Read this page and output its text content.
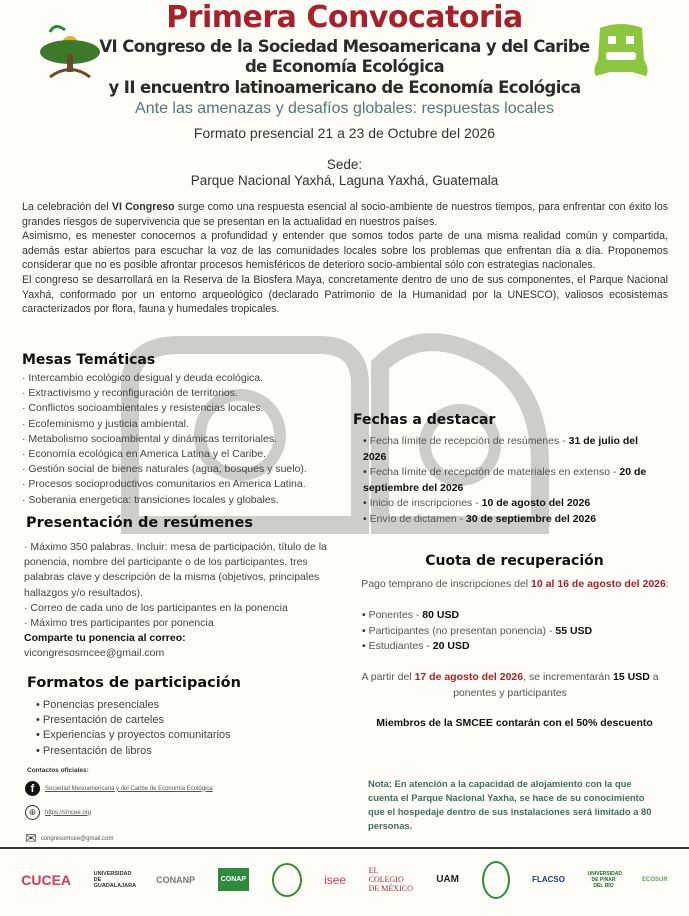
Primera Convocatoria
VI Congreso de la Sociedad Mesoamericana y del Caribe
de Economía Ecológica
y II encuentro latinoamericano de Economía Ecológica
Ante las amenazas y desafíos globales: respuestas locales
Formato presencial 21 a 23 de Octubre del 2026
Sede:
Parque Nacional Yaxhá, Laguna Yaxhá, Guatemala

La celebración del VI Congreso surge como una respuesta esencial al socio-ambiente de nuestros tiempos, para enfrentar con éxito los grandes riesgos de supervivencia que se presentan en la actualidad en nuestros países.

Asimismo, es menester conocernos a profundidad y entender que somos todos parte de una misma realidad común y compartida, además estar abiertos para escuchar la voz de las comunidades locales sobre los problemas que enfrentan día a día. Proponemos considerar que no es posible afrontar procesos hemisféricos de deterioro socio-ambiental sólo con estrategias nacionales.

El congreso se desarrollará en la Reserva de la Biosfera Maya, concretamente dentro de uno de sus componentes, el Parque Nacional Yaxhá, conformado por un entorno arqueológico (declarado Patrimonio de la Humanidad por la UNESCO), valiosos ecosistemas caracterizados por flora, fauna y humedales tropicales.

Mesas Temáticas
· Intercambio ecológico desigual y deuda ecológica.
· Extractivismo y reconfiguración de territorios.
· Conflictos socioambientales y resistencias locales.
· Ecofeminismo y justicia ambiental.
· Metabolismo socioambiental y dinámicas territoriales.
· Economía ecológica en America Latina y el Caribe.
· Gestión social de bienes naturales (agua, bosques y suelo).
· Procesos socioproductivos comunitarios en America Latina.
· Soberania energetica: transiciones locales y globales.
Presentación de resúmenes
· Máximo 350 palabras. Incluir: mesa de participación, título de la ponencia, nombre del participante o de los participantes, tres palabras clave y descripción de la misma (objetivos, principales hallazgos y/o resultados).
· Correo de cada uno de los participantes en la ponencia
· Máximo tres participantes por ponencia
Comparte tu ponencia al correo:
vicongresosmcee@gmail.com
Formatos de participación
• Ponencias presenciales
• Presentación de carteles
• Experiencias y proyectos comunitarios
• Presentación de libros
Contactos oficiales:
f	Sociedad Mesoamericana y del Caribe de Economía Ecológica
⊕	https://smcee.org
✉ congresomcee@gmail.com
Fechas a destacar
• Fecha límite de recepción de resúmenes - 31 de julio del 2026
• Fecha límite de recepción de materiales en extenso - 20 de septiembre del 2026
• Inicio de inscripciones - 10 de agosto del 2026
• Envío de dictamen - 30 de septiembre del 2026
Cuota de recuperación
Pago temprano de inscripciones del 10 al 16 de agosto del 2026:
• Ponentes - 80 USD
• Participantes (no presentan ponencia) - 55 USD
• Estudiantes - 20 USD
A partir del 17 de agosto del 2026, se incrementarán 15 USD a ponentes y participantes
Miembros de la SMCEE contarán con el 50% descuento
Nota: En atención a la capacidad de alojamiento con la que cuenta el Parque Nacional Yaxha, se hace de su conocimiento que el hospedaje dentro de sus instalaciones será limitado a 80 personas.
CUCEA	UNIVERSIDAD DE GUADALAJARA
CONANP	CONAP	isee
EL COLEGIO DE MÉXICO
UAM	FLACSO
UNIVERSIDAD DE PINAR DEL RÍO
ECOSUR
